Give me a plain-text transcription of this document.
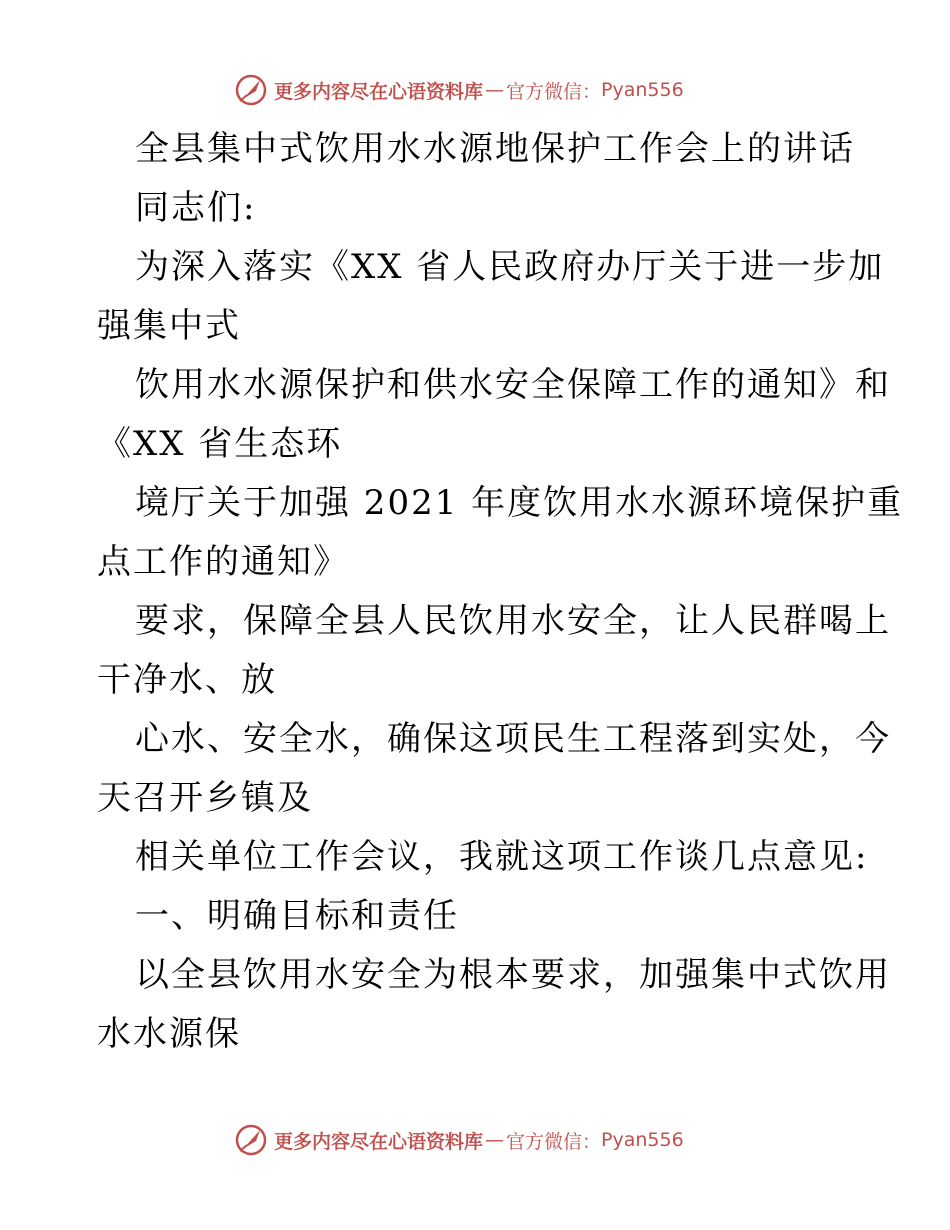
更多内容尽在心语资料库 — 官方微信： Pyan556
全县集中式饮用水水源地保护工作会上的讲话
同志们:
为深入落实《XX 省人民政府办厅关于进一步加
强集中式
饮用水水源保护和供水安全保障工作的通知》和
《XX 省生态环
境厅关于加强 2021 年度饮用水水源环境保护重
点工作的通知》
要求，保障全县人民饮用水安全，让人民群喝上
干净水、放
心水、安全水，确保这项民生工程落到实处，今
天召开乡镇及
相关单位工作会议，我就这项工作谈几点意见:
一、明确目标和责任
以全县饮用水安全为根本要求，加强集中式饮用
水水源保
更多内容尽在心语资料库 — 官方微信： Pyan556
